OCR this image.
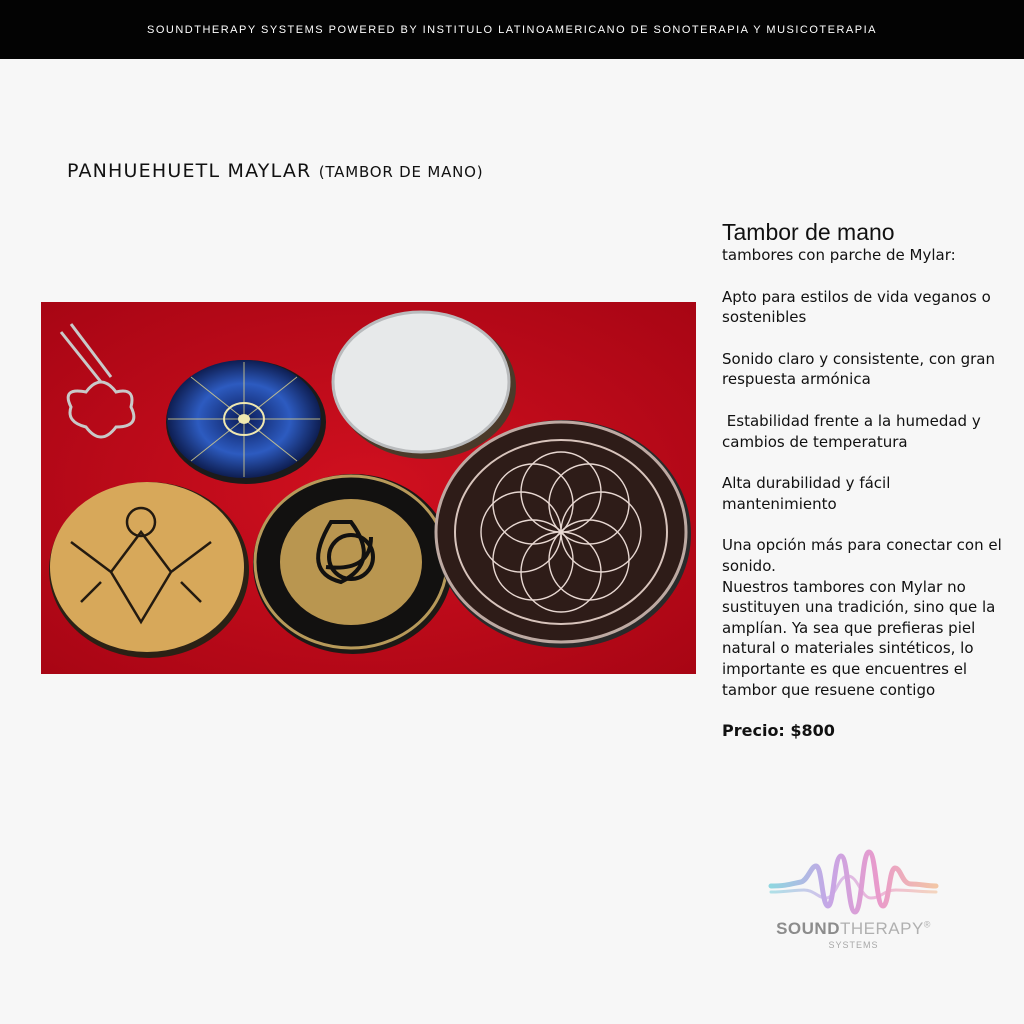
SOUNDTHERAPY SYSTEMS POWERED BY INSTITULO LATINOAMERICANO DE SONOTERAPIA Y MUSICOTERAPIA
PANHUEHUETL MAYLAR (TAMBOR DE MANO)
Tambor de mano

tambores con parche de Mylar:

Apto para estilos de vida veganos o sostenibles

Sonido claro y consistente, con gran respuesta armónica

Estabilidad frente a la humedad y cambios de temperatura

Alta durabilidad y fácil mantenimiento

Una opción más para conectar con el sonido.

Nuestros tambores con Mylar no sustituyen una tradición, sino que la amplían. Ya sea que prefieras piel natural o materiales sintéticos, lo importante es que encuentres el tambor que resuene contigo

Precio: $800

SOUNDTHERAPY®
SYSTEMS
